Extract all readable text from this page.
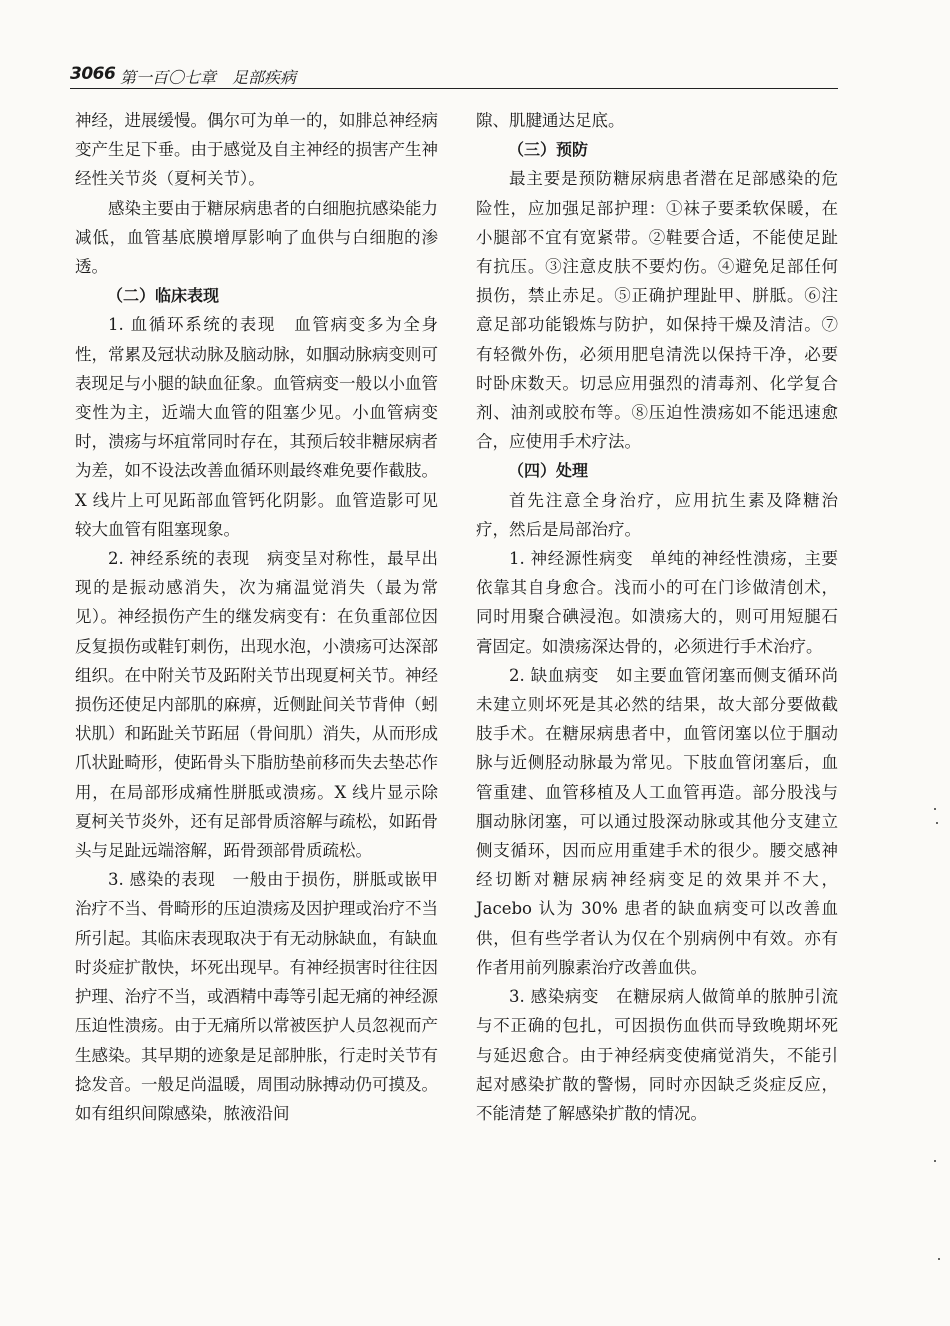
3066 第一百〇七章　足部疾病

神经，进展缓慢。偶尔可为单一的，如腓总神经病变产生足下垂。由于感觉及自主神经的损害产生神经性关节炎（夏柯关节）。

感染主要由于糖尿病患者的白细胞抗感染能力减低，血管基底膜增厚影响了血供与白细胞的渗透。

（二）临床表现

1. 血循环系统的表现　血管病变多为全身性，常累及冠状动脉及脑动脉，如腘动脉病变则可表现足与小腿的缺血征象。血管病变一般以小血管变性为主，近端大血管的阻塞少见。小血管病变时，溃疡与坏疽常同时存在，其预后较非糖尿病者为差，如不设法改善血循环则最终难免要作截肢。X 线片上可见跖部血管钙化阴影。血管造影可见较大血管有阻塞现象。

2. 神经系统的表现　病变呈对称性，最早出现的是振动感消失，次为痛温觉消失（最为常见）。神经损伤产生的继发病变有：在负重部位因反复损伤或鞋钉刺伤，出现水泡，小溃疡可达深部组织。在中附关节及跖附关节出现夏柯关节。神经损伤还使足内部肌的麻痹，近侧趾间关节背伸（蚓状肌）和跖趾关节跖屈（骨间肌）消失，从而形成爪状趾畸形，使跖骨头下脂肪垫前移而失去垫芯作用，在局部形成痛性胼胝或溃疡。X 线片显示除夏柯关节炎外，还有足部骨质溶解与疏松，如跖骨头与足趾远端溶解，跖骨颈部骨质疏松。

3. 感染的表现　一般由于损伤，胼胝或嵌甲治疗不当、骨畸形的压迫溃疡及因护理或治疗不当所引起。其临床表现取决于有无动脉缺血，有缺血时炎症扩散快，坏死出现早。有神经损害时往往因护理、治疗不当，或酒精中毒等引起无痛的神经源压迫性溃疡。由于无痛所以常被医护人员忽视而产生感染。其早期的迹象是足部肿胀，行走时关节有捻发音。一般足尚温暖，周围动脉搏动仍可摸及。如有组织间隙感染，脓液沿间

隙、肌腱通达足底。

（三）预防

最主要是预防糖尿病患者潜在足部感染的危险性，应加强足部护理：①袜子要柔软保暖，在小腿部不宜有宽紧带。②鞋要合适，不能使足趾有抗压。③注意皮肤不要灼伤。④避免足部任何损伤，禁止赤足。⑤正确护理趾甲、胼胝。⑥注意足部功能锻炼与防护，如保持干燥及清洁。⑦有轻微外伤，必须用肥皂清洗以保持干净，必要时卧床数天。切忌应用强烈的清毒剂、化学复合剂、油剂或胶布等。⑧压迫性溃疡如不能迅速愈合，应使用手术疗法。

（四）处理

首先注意全身治疗，应用抗生素及降糖治疗，然后是局部治疗。

1. 神经源性病变　单纯的神经性溃疡，主要依靠其自身愈合。浅而小的可在门诊做清创术，同时用聚合碘浸泡。如溃疡大的，则可用短腿石膏固定。如溃疡深达骨的，必须进行手术治疗。

2. 缺血病变　如主要血管闭塞而侧支循环尚未建立则坏死是其必然的结果，故大部分要做截肢手术。在糖尿病患者中，血管闭塞以位于腘动脉与近侧胫动脉最为常见。下肢血管闭塞后，血管重建、血管移植及人工血管再造。部分股浅与腘动脉闭塞，可以通过股深动脉或其他分支建立侧支循环，因而应用重建手术的很少。腰交感神经切断对糖尿病神经病变足的效果并不大，Jacebo 认为 30% 患者的缺血病变可以改善血供，但有些学者认为仅在个别病例中有效。亦有作者用前列腺素治疗改善血供。

3. 感染病变　在糖尿病人做简单的脓肿引流与不正确的包扎，可因损伤血供而导致晚期坏死与延迟愈合。由于神经病变使痛觉消失，不能引起对感染扩散的警惕，同时亦因缺乏炎症反应，不能清楚了解感染扩散的情况。
